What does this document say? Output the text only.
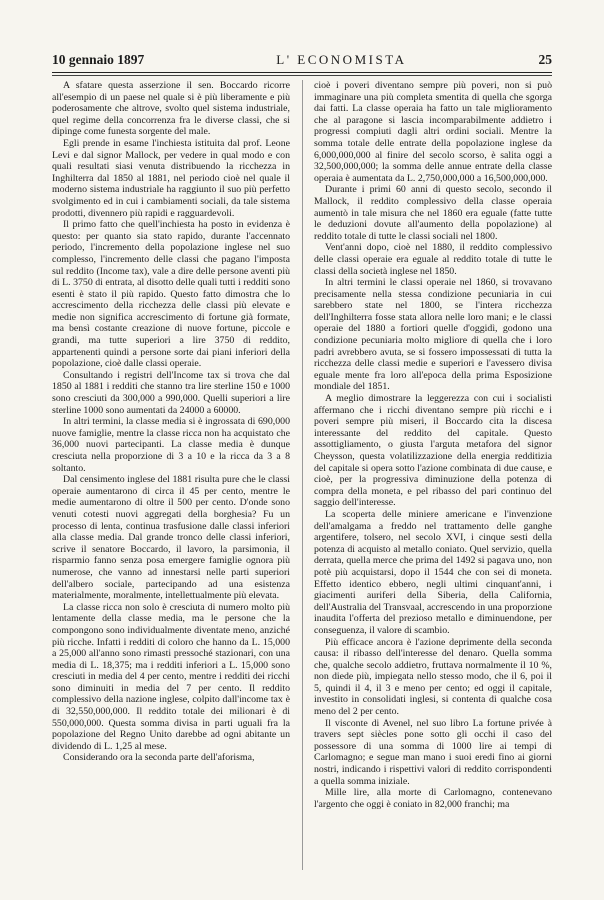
10 gennaio 1897	L' ECONOMISTA	25

A sfatare questa asserzione il sen. Boccardo ricorre all'esempio di un paese nel quale si è più liberamente e più poderosamente che altrove, svolto quel sistema industriale, quel regime della concorrenza fra le diverse classi, che si dipinge come funesta sorgente del male.

Egli prende in esame l'inchiesta istituita dal prof. Leone Levi e dal signor Mallock, per vedere in qual modo e con quali resultati siasi venuta distribuendo la ricchezza in Inghilterra dal 1850 al 1881, nel periodo cioè nel quale il moderno sistema industriale ha raggiunto il suo più perfetto svolgimento ed in cui i cambiamenti sociali, da tale sistema prodotti, divennero più rapidi e ragguardevoli.

Il primo fatto che quell'inchiesta ha posto in evidenza è questo: per quanto sia stato rapido, durante l'accennato periodo, l'incremento della popolazione inglese nel suo complesso, l'incremento delle classi che pagano l'imposta sul reddito (Income tax), vale a dire delle persone aventi più di L. 3750 di entrata, al disotto delle quali tutti i redditi sono esenti è stato il più rapido. Questo fatto dimostra che lo accrescimento della ricchezza delle classi più elevate e medie non significa accrescimento di fortune già formate, ma bensì costante creazione di nuove fortune, piccole e grandi, ma tutte superiori a lire 3750 di reddito, appartenenti quindi a persone sorte dai piani inferiori della popolazione, cioè dalle classi operaie.

Consultando i registri dell'Income tax si trova che dal 1850 al 1881 i redditi che stanno tra lire sterline 150 e 1000 sono cresciuti da 300,000 a 990,000. Quelli superiori a lire sterline 1000 sono aumentati da 24000 a 60000.

In altri termini, la classe media si è ingrossata di 690,000 nuove famiglie, mentre la classe ricca non ha acquistato che 36,000 nuovi partecipanti. La classe media è dunque cresciuta nella proporzione di 3 a 10 e la ricca da 3 a 8 soltanto.

Dal censimento inglese del 1881 risulta pure che le classi operaie aumentarono di circa il 45 per cento, mentre le medie aumentarono di oltre il 500 per cento. D'onde sono venuti cotesti nuovi aggregati della borghesia? Fu un processo di lenta, continua trasfusione dalle classi inferiori alla classe media. Dal grande tronco delle classi inferiori, scrive il senatore Boccardo, il lavoro, la parsimonia, il risparmio fanno senza posa emergere famiglie ognora più numerose, che vanno ad innestarsi nelle parti superiori dell'albero sociale, partecipando ad una esistenza materialmente, moralmente, intellettualmente più elevata.

La classe ricca non solo è cresciuta di numero molto più lentamente della classe media, ma le persone che la compongono sono individualmente diventate meno, anziché più ricche. Infatti i redditi di coloro che hanno da L. 15,000 a 25,000 all'anno sono rimasti pressoché stazionari, con una media di L. 18,375; ma i redditi inferiori a L. 15,000 sono cresciuti in media del 4 per cento, mentre i redditi dei ricchi sono diminuiti in media del 7 per cento. Il reddito complessivo della nazione inglese, colpito dall'income tax è di 32,550,000,000. Il reddito totale dei milionari è di 550,000,000. Questa somma divisa in parti uguali fra la popolazione del Regno Unito darebbe ad ogni abitante un dividendo di L. 1,25 al mese.

Considerando ora la seconda parte dell'aforisma,

cioè i poveri diventano sempre più poveri, non si può immaginare una più completa smentita di quella che sgorga dai fatti. La classe operaia ha fatto un tale miglioramento che al paragone si lascia incomparabilmente addietro i progressi compiuti dagli altri ordini sociali. Mentre la somma totale delle entrate della popolazione inglese da 6,000,000,000 al finire del secolo scorso, è salita oggi a 32,500,000,000; la somma delle annue entrate della classe operaia è aumentata da L. 2,750,000,000 a 16,500,000,000.

Durante i primi 60 anni di questo secolo, secondo il Mallock, il reddito complessivo della classe operaia aumentò in tale misura che nel 1860 era eguale (fatte tutte le deduzioni dovute all'aumento della popolazione) al reddito totale di tutte le classi sociali nel 1800.

Vent'anni dopo, cioè nel 1880, il reddito complessivo delle classi operaie era eguale al reddito totale di tutte le classi della società inglese nel 1850.

In altri termini le classi operaie nel 1860, si trovavano precisamente nella stessa condizione pecuniaria in cui sarebbero state nel 1800, se l'intera ricchezza dell'Inghilterra fosse stata allora nelle loro mani; e le classi operaie del 1880 a fortiori quelle d'oggidì, godono una condizione pecuniaria molto migliore di quella che i loro padri avrebbero avuta, se si fossero impossessati di tutta la ricchezza delle classi medie e superiori e l'avessero divisa eguale mente fra loro all'epoca della prima Esposizione mondiale del 1851.

A meglio dimostrare la leggerezza con cui i socialisti affermano che i ricchi diventano sempre più ricchi e i poveri sempre più miseri, il Boccardo cita la discesa interessante del reddito del capitale. Questo assottigliamento, o giusta l'arguta metafora del signor Cheysson, questa volatilizzazione della energia redditizia del capitale si opera sotto l'azione combinata di due cause, e cioè, per la progressiva diminuzione della potenza di compra della moneta, e pel ribasso del pari continuo del saggio dell'interesse.

La scoperta delle miniere americane e l'invenzione dell'amalgama a freddo nel trattamento delle ganghe argentifere, tolsero, nel secolo XVI, i cinque sesti della potenza di acquisto al metallo coniato. Quel servizio, quella derrata, quella merce che prima del 1492 si pagava uno, non potè più acquistarsi, dopo il 1544 che con sei di moneta. Effetto identico ebbero, negli ultimi cinquant'anni, i giacimenti auriferi della Siberia, della California, dell'Australia del Transvaal, accrescendo in una proporzione inaudita l'offerta del prezioso metallo e diminuendone, per conseguenza, il valore di scambio.

Più efficace ancora è l'azione deprimente della seconda causa: il ribasso dell'interesse del denaro. Quella somma che, qualche secolo addietro, fruttava normalmente il 10 %, non diede più, impiegata nello stesso modo, che il 6, poi il 5, quindi il 4, il 3 e meno per cento; ed oggi il capitale, investito in consolidati inglesi, si contenta di qualche cosa meno del 2 per cento.

Il visconte di Avenel, nel suo libro La fortune privée à travers sept siècles pone sotto gli occhi il caso del possessore di una somma di 1000 lire ai tempi di Carlomagno; e segue man mano i suoi eredi fino ai giorni nostri, indicando i rispettivi valori di reddito corrispondenti a quella somma iniziale.

Mille lire, alla morte di Carlomagno, contenevano l'argento che oggi è coniato in 82,000 franchi; ma
